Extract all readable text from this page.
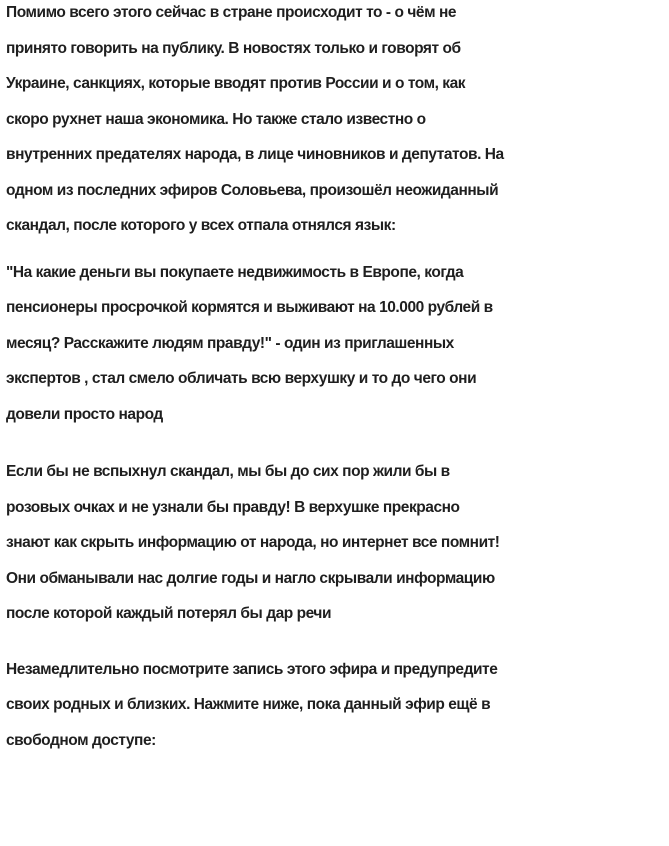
Помимо всего этого сейчас в стране происходит то - о чём не
принято говорить на публику. В новостях только и говорят об
Украине, санкциях, которые вводят против России и о том, как
скоро рухнет наша экономика. Но также стало известно о
внутренних предателях народа, в лице чиновников и депутатов. На
одном из последних эфиров Соловьева, произошёл неожиданный
скандал, после которого у всех отпала отнялся язык:
"На какие деньги вы покупаете недвижимость в Европе, когда
пенсионеры просрочкой кормятся и выживают на 10.000 рублей в
месяц? Расскажите людям правду!" - один из приглашенных
экспертов , стал смело обличать всю верхушку и то до чего они
довели просто народ
Если бы не вспыхнул скандал, мы бы до сих пор жили бы в
розовых очках и не узнали бы правду! В верхушке прекрасно
знают как скрыть информацию от народа, но интернет все помнит!
Они обманывали нас долгие годы и нагло скрывали информацию
после которой каждый потерял бы дар речи
Незамедлительно посмотрите запись этого эфира и предупредите
своих родных и близких. Нажмите ниже, пока данный эфир ещё в
свободном доступе:
